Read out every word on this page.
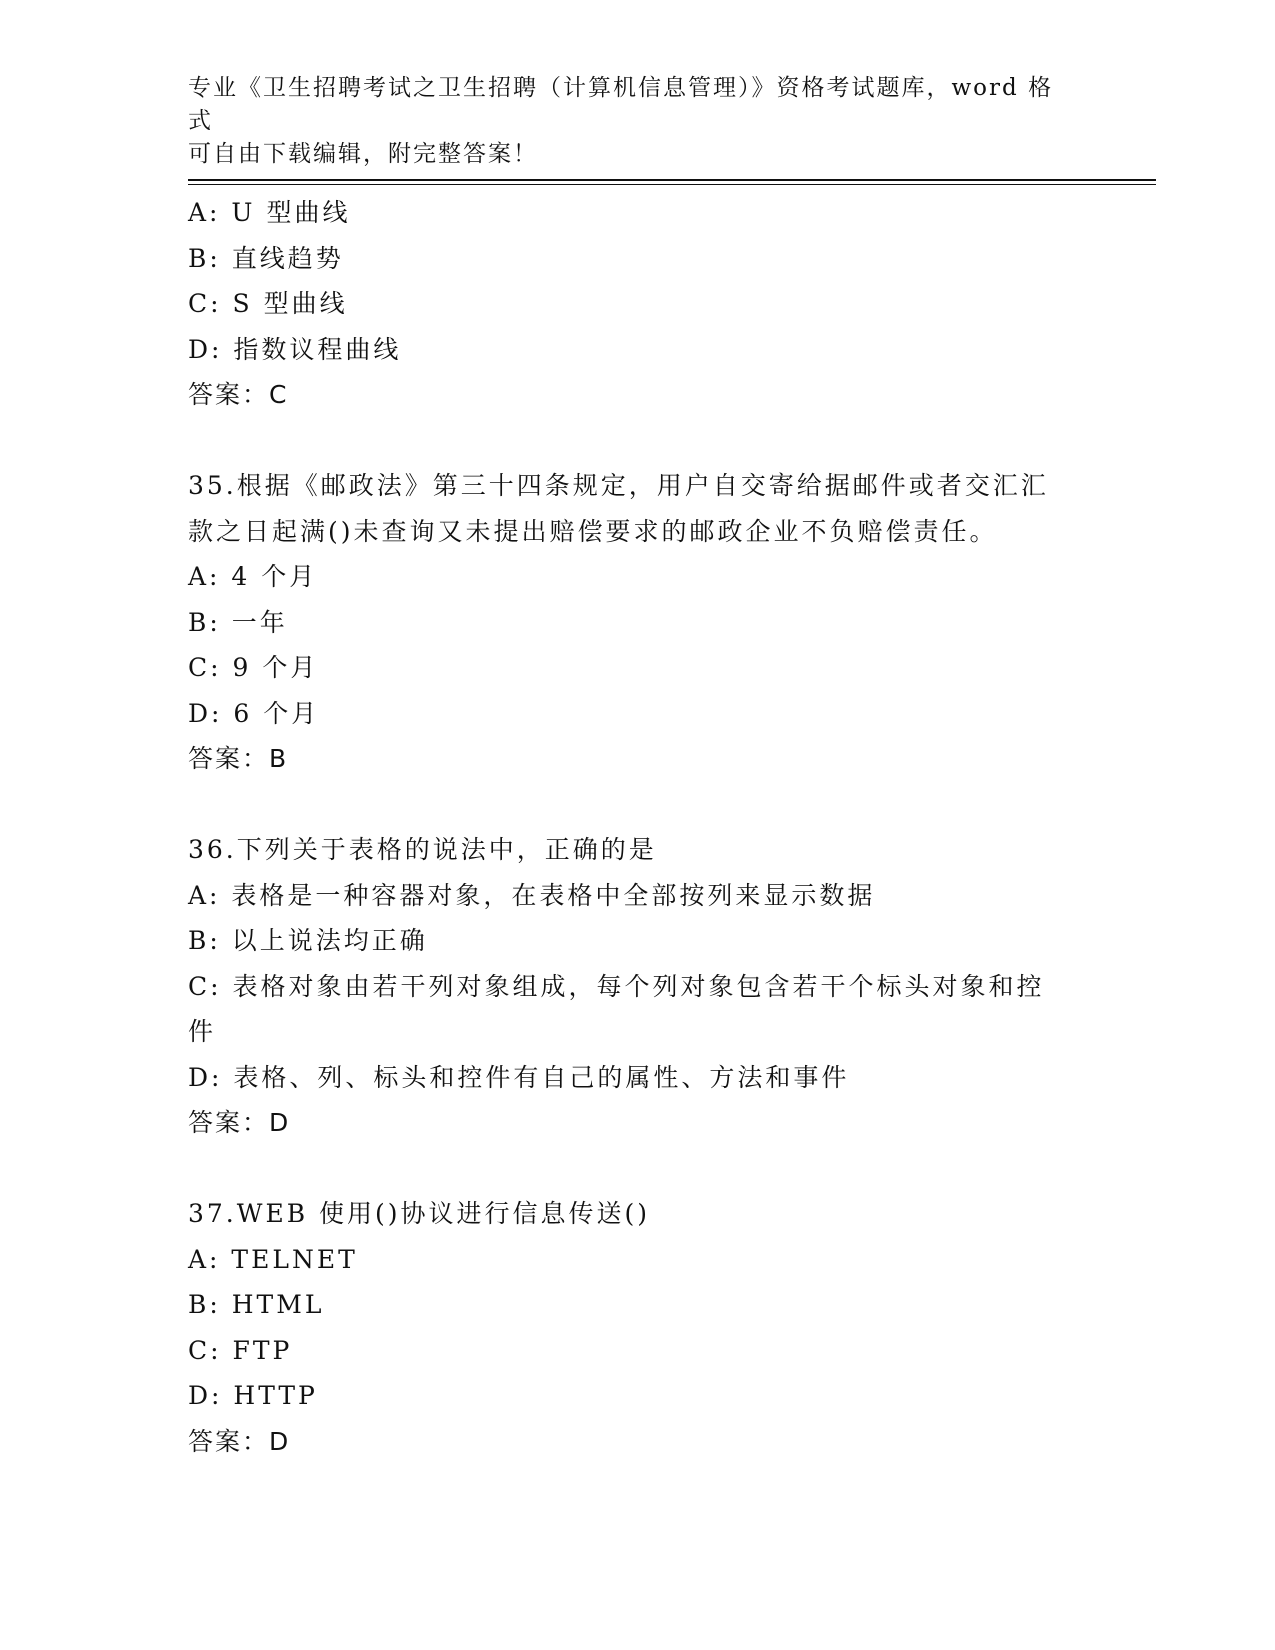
专业《卫生招聘考试之卫生招聘（计算机信息管理）》资格考试题库，word 格式
可自由下载编辑，附完整答案！
A: U 型曲线
B: 直线趋势
C: S 型曲线
D: 指数议程曲线
答案：C
35.根据《邮政法》第三十四条规定，用户自交寄给据邮件或者交汇汇
款之日起满()未查询又未提出赔偿要求的邮政企业不负赔偿责任。
A: 4 个月
B: 一年
C: 9 个月
D: 6 个月
答案：B
36.下列关于表格的说法中，正确的是
A: 表格是一种容器对象，在表格中全部按列来显示数据
B: 以上说法均正确
C: 表格对象由若干列对象组成，每个列对象包含若干个标头对象和控
件
D: 表格、列、标头和控件有自己的属性、方法和事件
答案：D
37.WEB 使用()协议进行信息传送()
A: TELNET
B: HTML
C: FTP
D: HTTP
答案：D
